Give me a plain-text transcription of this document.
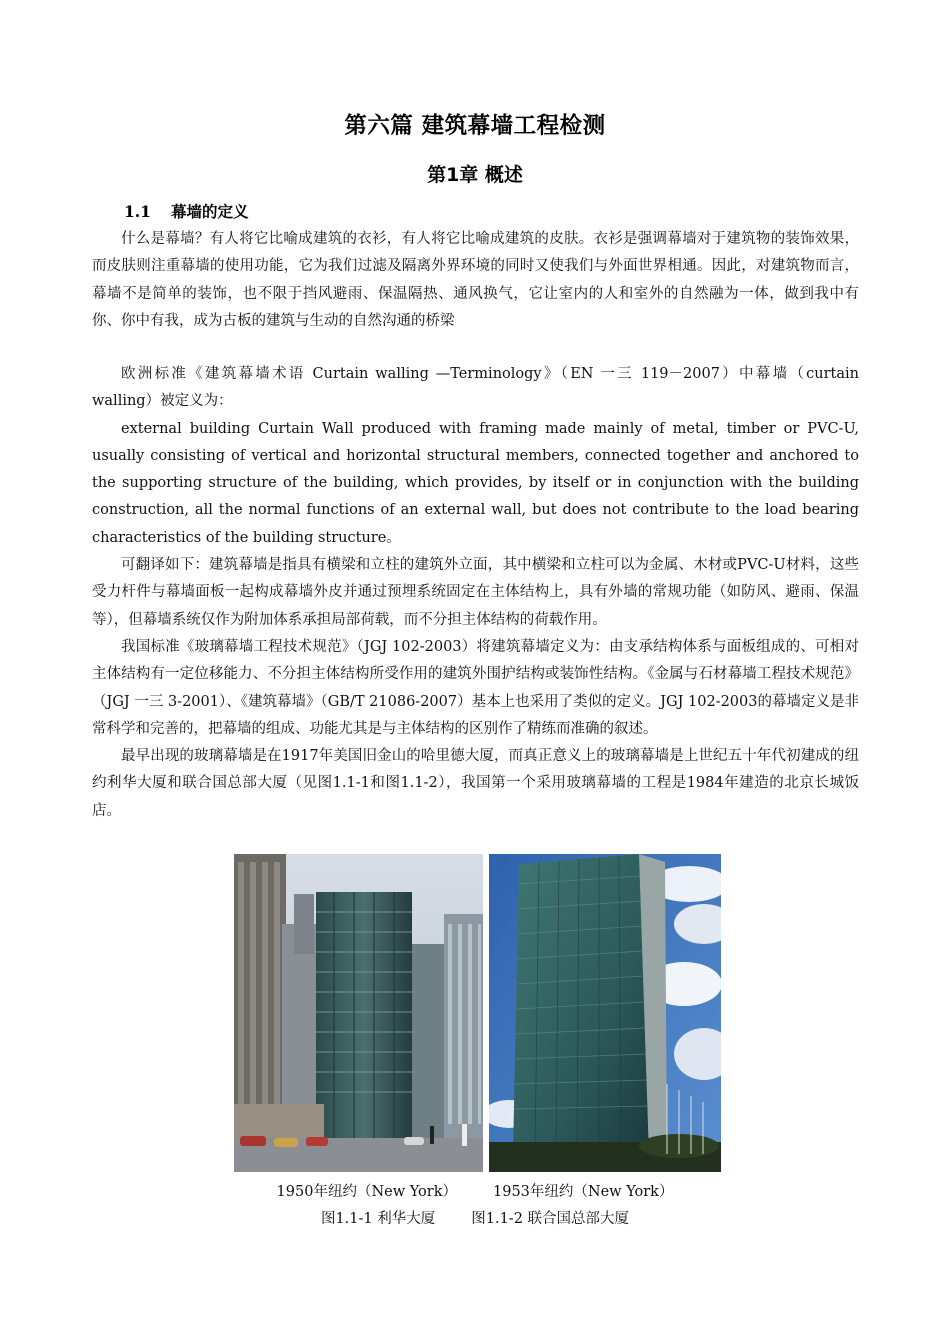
第六篇 建筑幕墙工程检测
第1章 概述
1.1 幕墙的定义

什么是幕墙？有人将它比喻成建筑的衣衫，有人将它比喻成建筑的皮肤。衣衫是强调幕墙对于建筑物的装饰效果，而皮肤则注重幕墙的使用功能，它为我们过滤及隔离外界环境的同时又使我们与外面世界相通。因此，对建筑物而言，幕墙不是简单的装饰，也不限于挡风避雨、保温隔热、通风换气，它让室内的人和室外的自然融为一体，做到我中有你、你中有我，成为古板的建筑与生动的自然沟通的桥梁

欧洲标准《建筑幕墙术语 Curtain walling —Terminology》（EN 一三 119－2007）中幕墙（curtain walling）被定义为：

external building Curtain Wall produced with framing made mainly of metal, timber or PVC-U, usually consisting of vertical and horizontal structural members, connected together and anchored to the supporting structure of the building, which provides, by itself or in conjunction with the building construction, all the normal functions of an external wall, but does not contribute to the load bearing characteristics of the building structure。

可翻译如下：建筑幕墙是指具有横梁和立柱的建筑外立面，其中横梁和立柱可以为金属、木材或PVC-U材料，这些受力杆件与幕墙面板一起构成幕墙外皮并通过预埋系统固定在主体结构上，具有外墙的常规功能（如防风、避雨、保温等），但幕墙系统仅作为附加体系承担局部荷载，而不分担主体结构的荷载作用。

我国标准《玻璃幕墙工程技术规范》（JGJ 102-2003）将建筑幕墙定义为：由支承结构体系与面板组成的、可相对主体结构有一定位移能力、不分担主体结构所受作用的建筑外围护结构或装饰性结构。《金属与石材幕墙工程技术规范》（JGJ 一三 3-2001）、《建筑幕墙》（GB/T 21086-2007）基本上也采用了类似的定义。JGJ 102-2003的幕墙定义是非常科学和完善的，把幕墙的组成、功能尤其是与主体结构的区别作了精练而准确的叙述。

最早出现的玻璃幕墙是在1917年美国旧金山的哈里德大厦，而真正意义上的玻璃幕墙是上世纪五十年代初建成的纽约利华大厦和联合国总部大厦（见图1.1-1和图1.1-2），我国第一个采用玻璃幕墙的工程是1984年建造的北京长城饭店。

1950年纽约（New York） 1953年纽约（New York）
图1.1-1 利华大厦 图1.1-2 联合国总部大厦
